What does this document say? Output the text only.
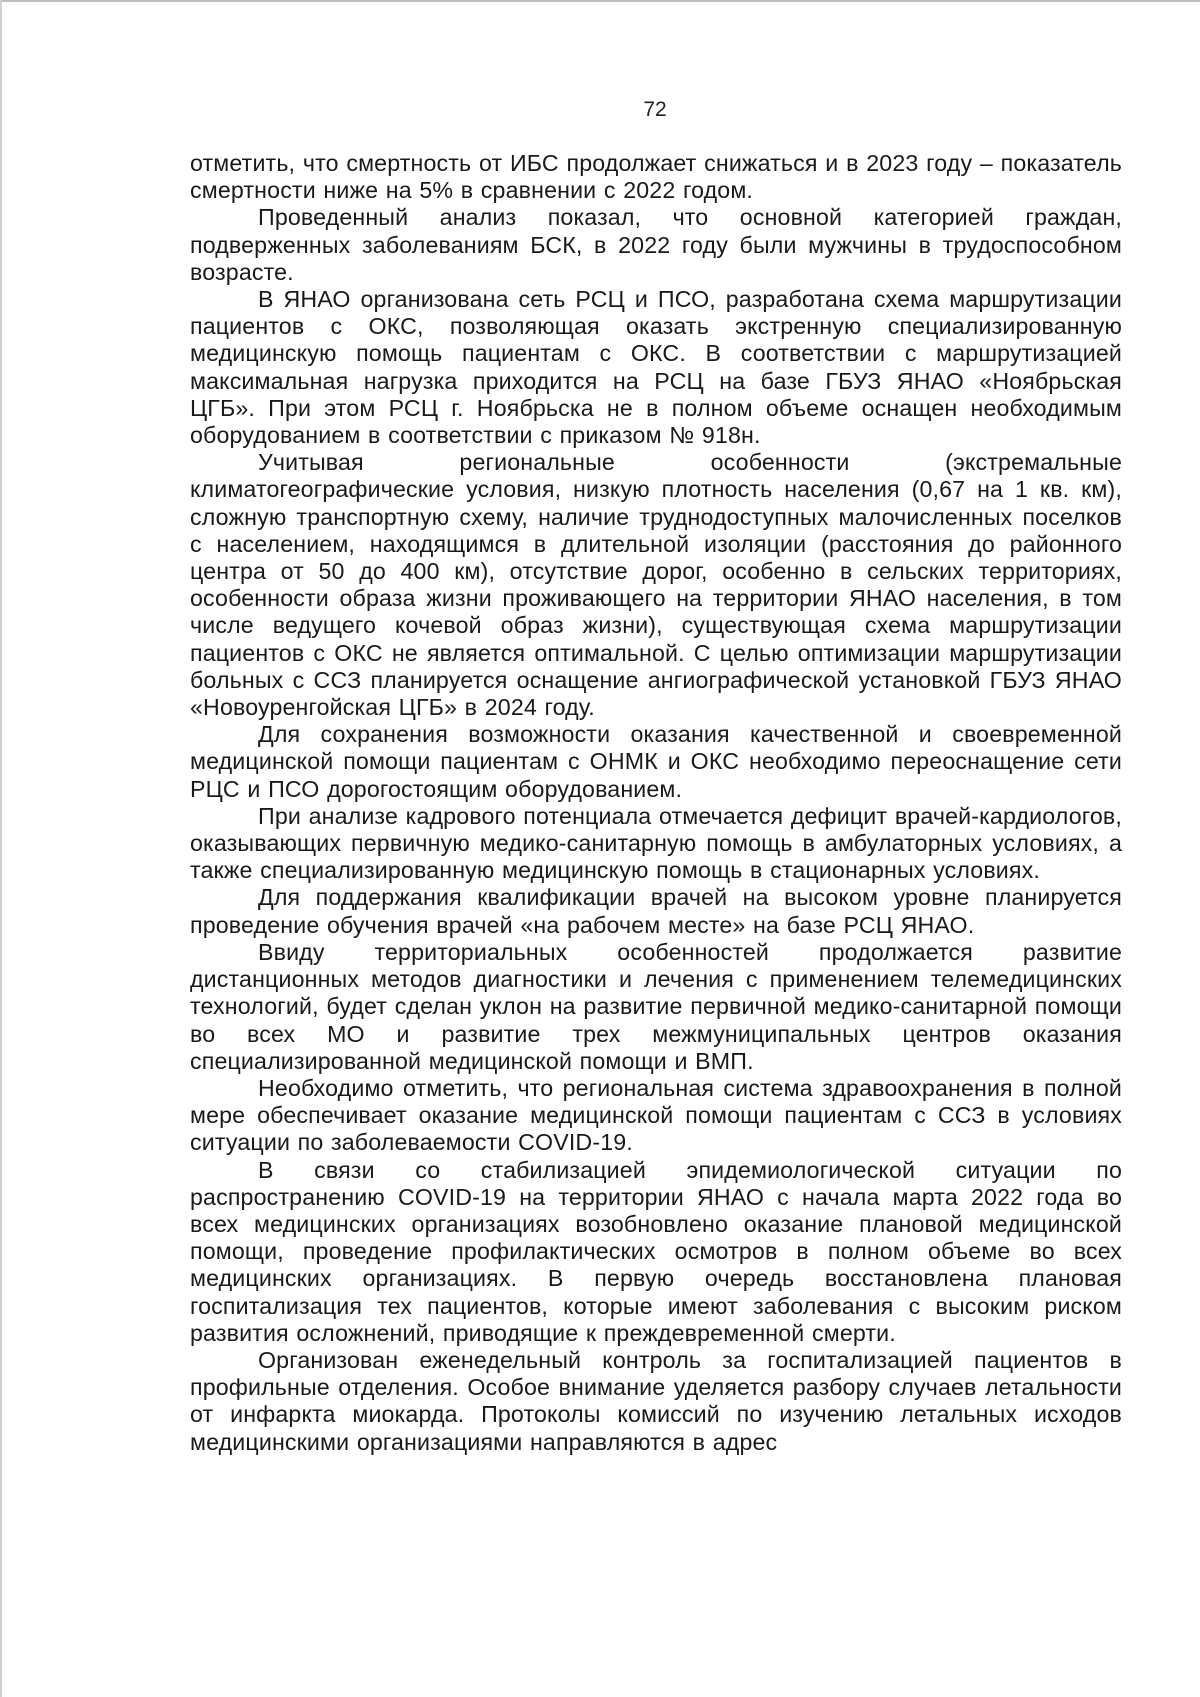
72

отметить, что смертность от ИБС продолжает снижаться и в 2023 году – показатель смертности ниже на 5% в сравнении с 2022 годом.

Проведенный анализ показал, что основной категорией граждан, подверженных заболеваниям БСК, в 2022 году были мужчины в трудоспособном возрасте.

В ЯНАО организована сеть РСЦ и ПСО, разработана схема маршрутизации пациентов с ОКС, позволяющая оказать экстренную специализированную медицинскую помощь пациентам с ОКС. В соответствии с маршрутизацией максимальная нагрузка приходится на РСЦ на базе ГБУЗ ЯНАО «Ноябрьская ЦГБ». При этом РСЦ г. Ноябрьска не в полном объеме оснащен необходимым оборудованием в соответствии с приказом № 918н.

Учитывая региональные особенности (экстремальные климатогеографические условия, низкую плотность населения (0,67 на 1 кв. км), сложную транспортную схему, наличие труднодоступных малочисленных поселков с населением, находящимся в длительной изоляции (расстояния до районного центра от 50 до 400 км), отсутствие дорог, особенно в сельских территориях, особенности образа жизни проживающего на территории ЯНАО населения, в том числе ведущего кочевой образ жизни), существующая схема маршрутизации пациентов с ОКС не является оптимальной. С целью оптимизации маршрутизации больных с ССЗ планируется оснащение ангиографической установкой ГБУЗ ЯНАО «Новоуренгойская ЦГБ» в 2024 году.

Для сохранения возможности оказания качественной и своевременной медицинской помощи пациентам с ОНМК и ОКС необходимо переоснащение сети РЦС и ПСО дорогостоящим оборудованием.

При анализе кадрового потенциала отмечается дефицит врачей-кардиологов, оказывающих первичную медико-санитарную помощь в амбулаторных условиях, а также специализированную медицинскую помощь в стационарных условиях.

Для поддержания квалификации врачей на высоком уровне планируется проведение обучения врачей «на рабочем месте» на базе РСЦ ЯНАО.

Ввиду территориальных особенностей продолжается развитие дистанционных методов диагностики и лечения с применением телемедицинских технологий, будет сделан уклон на развитие первичной медико-санитарной помощи во всех МО и развитие трех межмуниципальных центров оказания специализированной медицинской помощи и ВМП.

Необходимо отметить, что региональная система здравоохранения в полной мере обеспечивает оказание медицинской помощи пациентам с ССЗ в условиях ситуации по заболеваемости COVID-19.

В связи со стабилизацией эпидемиологической ситуации по распространению COVID-19 на территории ЯНАО с начала марта 2022 года во всех медицинских организациях возобновлено оказание плановой медицинской помощи, проведение профилактических осмотров в полном объеме во всех медицинских организациях. В первую очередь восстановлена плановая госпитализация тех пациентов, которые имеют заболевания с высоким риском развития осложнений, приводящие к преждевременной смерти.

Организован еженедельный контроль за госпитализацией пациентов в профильные отделения. Особое внимание уделяется разбору случаев летальности от инфаркта миокарда. Протоколы комиссий по изучению летальных исходов медицинскими организациями направляются в адрес
